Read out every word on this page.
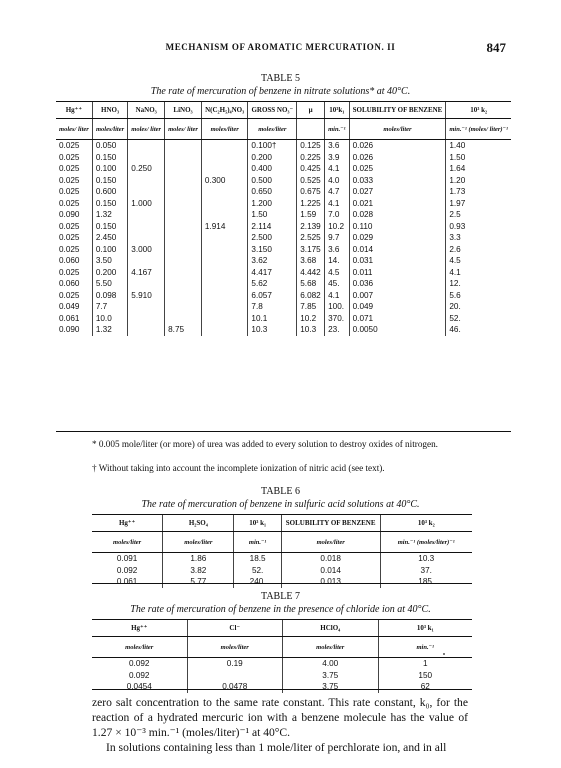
MECHANISM OF AROMATIC MERCURATION. II	847
TABLE 5
The rate of mercuration of benzene in nitrate solutions* at 40°C.
Hg⁺⁺	HNO₃	NaNO₃	LiNO₃	N(C₂H₅)₄NO₃	GROSS NO₃⁻	μ	10³k₁	SOLUBILITY OF BENZENE	10³ k₂
moles/ liter	moles/liter	moles/ liter	moles/ liter	moles/liter	moles/liter		min.⁻¹	moles/liter	min.⁻¹ (moles/ liter)⁻¹
0.025	0.050				0.100†	0.125	3.6	0.026	1.40
0.025	0.150				0.200	0.225	3.9	0.026	1.50
0.025	0.100	0.250			0.400	0.425	4.1	0.025	1.64
0.025	0.150			0.300	0.500	0.525	4.0	0.033	1.20
0.025	0.600				0.650	0.675	4.7	0.027	1.73
0.025	0.150	1.000			1.200	1.225	4.1	0.021	1.97
0.090	1.32				1.50	1.59	7.0	0.028	2.5
0.025	0.150			1.914	2.114	2.139	10.2	0.110	0.93
0.025	2.450				2.500	2.525	9.7	0.029	3.3
0.025	0.100	3.000			3.150	3.175	3.6	0.014	2.6
0.060	3.50				3.62	3.68	14.	0.031	4.5
0.025	0.200	4.167			4.417	4.442	4.5	0.011	4.1
0.060	5.50				5.62	5.68	45.	0.036	12.
0.025	0.098	5.910			6.057	6.082	4.1	0.007	5.6
0.049	7.7				7.8	7.85	100.	0.049	20.
0.061	10.0				10.1	10.2	370.	0.071	52.
0.090	1.32		8.75		10.3	10.3	23.	0.0050	46.
* 0.005 mole/liter (or more) of urea was added to every solution to destroy oxides of nitrogen.
† Without taking into account the incomplete ionization of nitric acid (see text).
TABLE 6
The rate of mercuration of benzene in sulfuric acid solutions at 40°C.
Hg⁺⁺	H₂SO₄	10³ k₁	SOLUBILITY OF BENZENE	10³ k₂
moles/liter	moles/liter	min.⁻¹	moles/liter	min.⁻¹ (moles/liter)⁻¹
0.091	1.86	18.5	0.018	10.3
0.092	3.82	52.	0.014	37.
0.061	5.77	240.	0.013	185.
TABLE 7
The rate of mercuration of benzene in the presence of chloride ion at 40°C.
Hg⁺⁺	Cl⁻	HClO₄	10³ k₁
moles/liter	moles/liter	moles/liter	min.⁻¹
0.092	0.19	4.00	1
0.092		3.75	150
0.0454	0.0478	3.75	62
zero salt concentration to the same rate constant. This rate constant, k₀, for the reaction of a hydrated mercuric ion with a benzene molecule has the value of 1.27 × 10⁻³ min.⁻¹ (moles/liter)⁻¹ at 40°C.
In solutions containing less than 1 mole/liter of perchlorate ion, and in all
